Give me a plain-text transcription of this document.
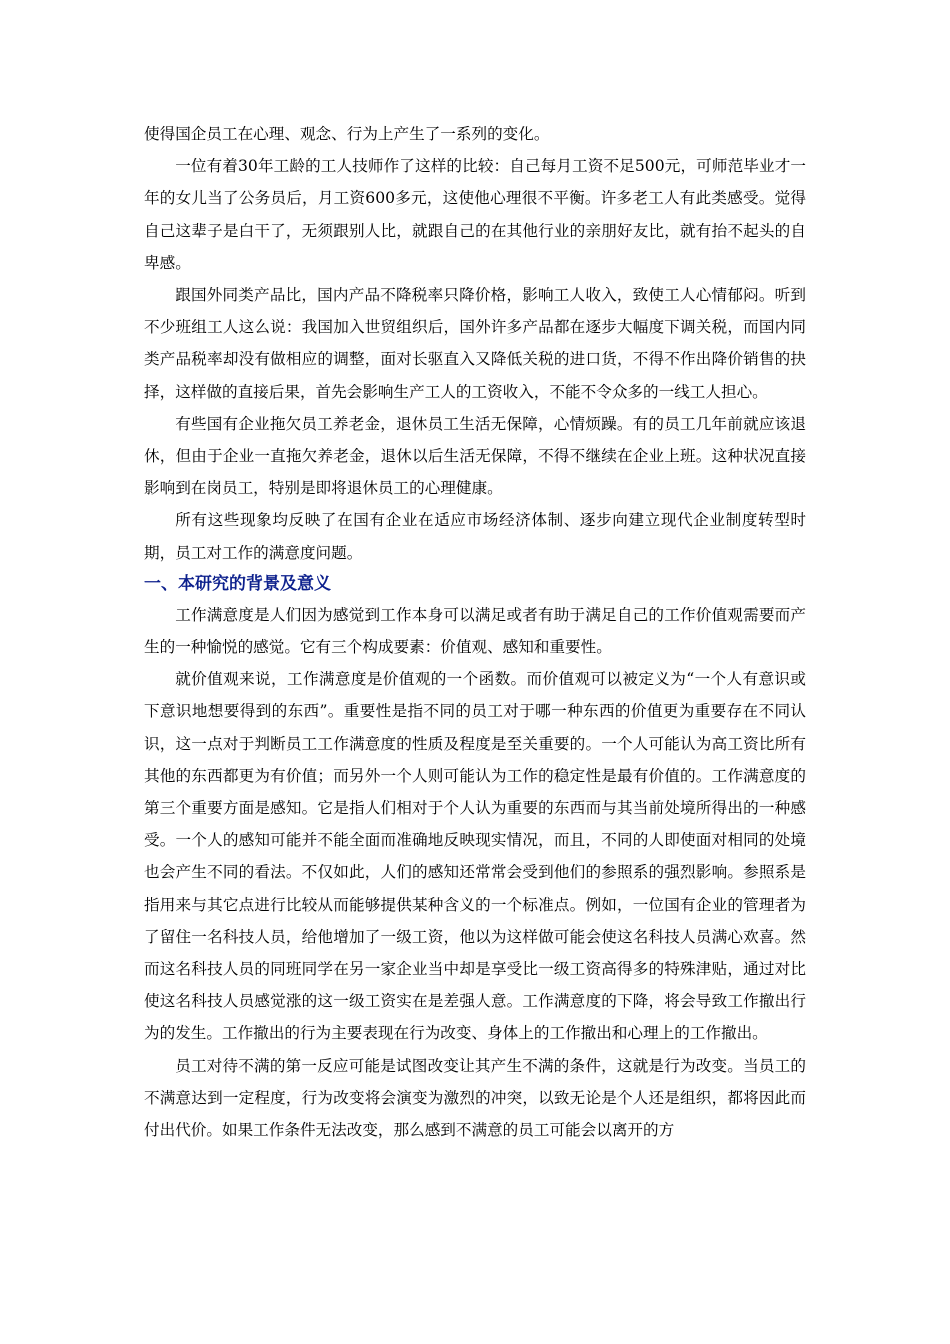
使得国企员工在心理、观念、行为上产生了一系列的变化。

一位有着30年工龄的工人技师作了这样的比较：自己每月工资不足500元，可师范毕业才一年的女儿当了公务员后，月工资600多元，这使他心理很不平衡。许多老工人有此类感受。觉得自己这辈子是白干了，无须跟别人比，就跟自己的在其他行业的亲朋好友比，就有抬不起头的自卑感。

跟国外同类产品比，国内产品不降税率只降价格，影响工人收入，致使工人心情郁闷。听到不少班组工人这么说：我国加入世贸组织后，国外许多产品都在逐步大幅度下调关税，而国内同类产品税率却没有做相应的调整，面对长驱直入又降低关税的进口货，不得不作出降价销售的抉择，这样做的直接后果，首先会影响生产工人的工资收入，不能不令众多的一线工人担心。

有些国有企业拖欠员工养老金，退休员工生活无保障，心情烦躁。有的员工几年前就应该退休，但由于企业一直拖欠养老金，退休以后生活无保障，不得不继续在企业上班。这种状况直接影响到在岗员工，特别是即将退休员工的心理健康。

所有这些现象均反映了在国有企业在适应市场经济体制、逐步向建立现代企业制度转型时期，员工对工作的满意度问题。

一、本研究的背景及意义

工作满意度是人们因为感觉到工作本身可以满足或者有助于满足自己的工作价值观需要而产生的一种愉悦的感觉。它有三个构成要素：价值观、感知和重要性。

就价值观来说，工作满意度是价值观的一个函数。而价值观可以被定义为“一个人有意识或下意识地想要得到的东西”。重要性是指不同的员工对于哪一种东西的价值更为重要存在不同认识，这一点对于判断员工工作满意度的性质及程度是至关重要的。一个人可能认为高工资比所有其他的东西都更为有价值；而另外一个人则可能认为工作的稳定性是最有价值的。工作满意度的第三个重要方面是感知。它是指人们相对于个人认为重要的东西而与其当前处境所得出的一种感受。一个人的感知可能并不能全面而准确地反映现实情况，而且，不同的人即使面对相同的处境也会产生不同的看法。不仅如此，人们的感知还常常会受到他们的参照系的强烈影响。参照系是指用来与其它点进行比较从而能够提供某种含义的一个标准点。例如，一位国有企业的管理者为了留住一名科技人员，给他增加了一级工资，他以为这样做可能会使这名科技人员满心欢喜。然而这名科技人员的同班同学在另一家企业当中却是享受比一级工资高得多的特殊津贴，通过对比使这名科技人员感觉涨的这一级工资实在是差强人意。工作满意度的下降，将会导致工作撤出行为的发生。工作撤出的行为主要表现在行为改变、身体上的工作撤出和心理上的工作撤出。

员工对待不满的第一反应可能是试图改变让其产生不满的条件，这就是行为改变。当员工的不满意达到一定程度，行为改变将会演变为激烈的冲突，以致无论是个人还是组织，都将因此而付出代价。如果工作条件无法改变，那么感到不满意的员工可能会以离开的方
